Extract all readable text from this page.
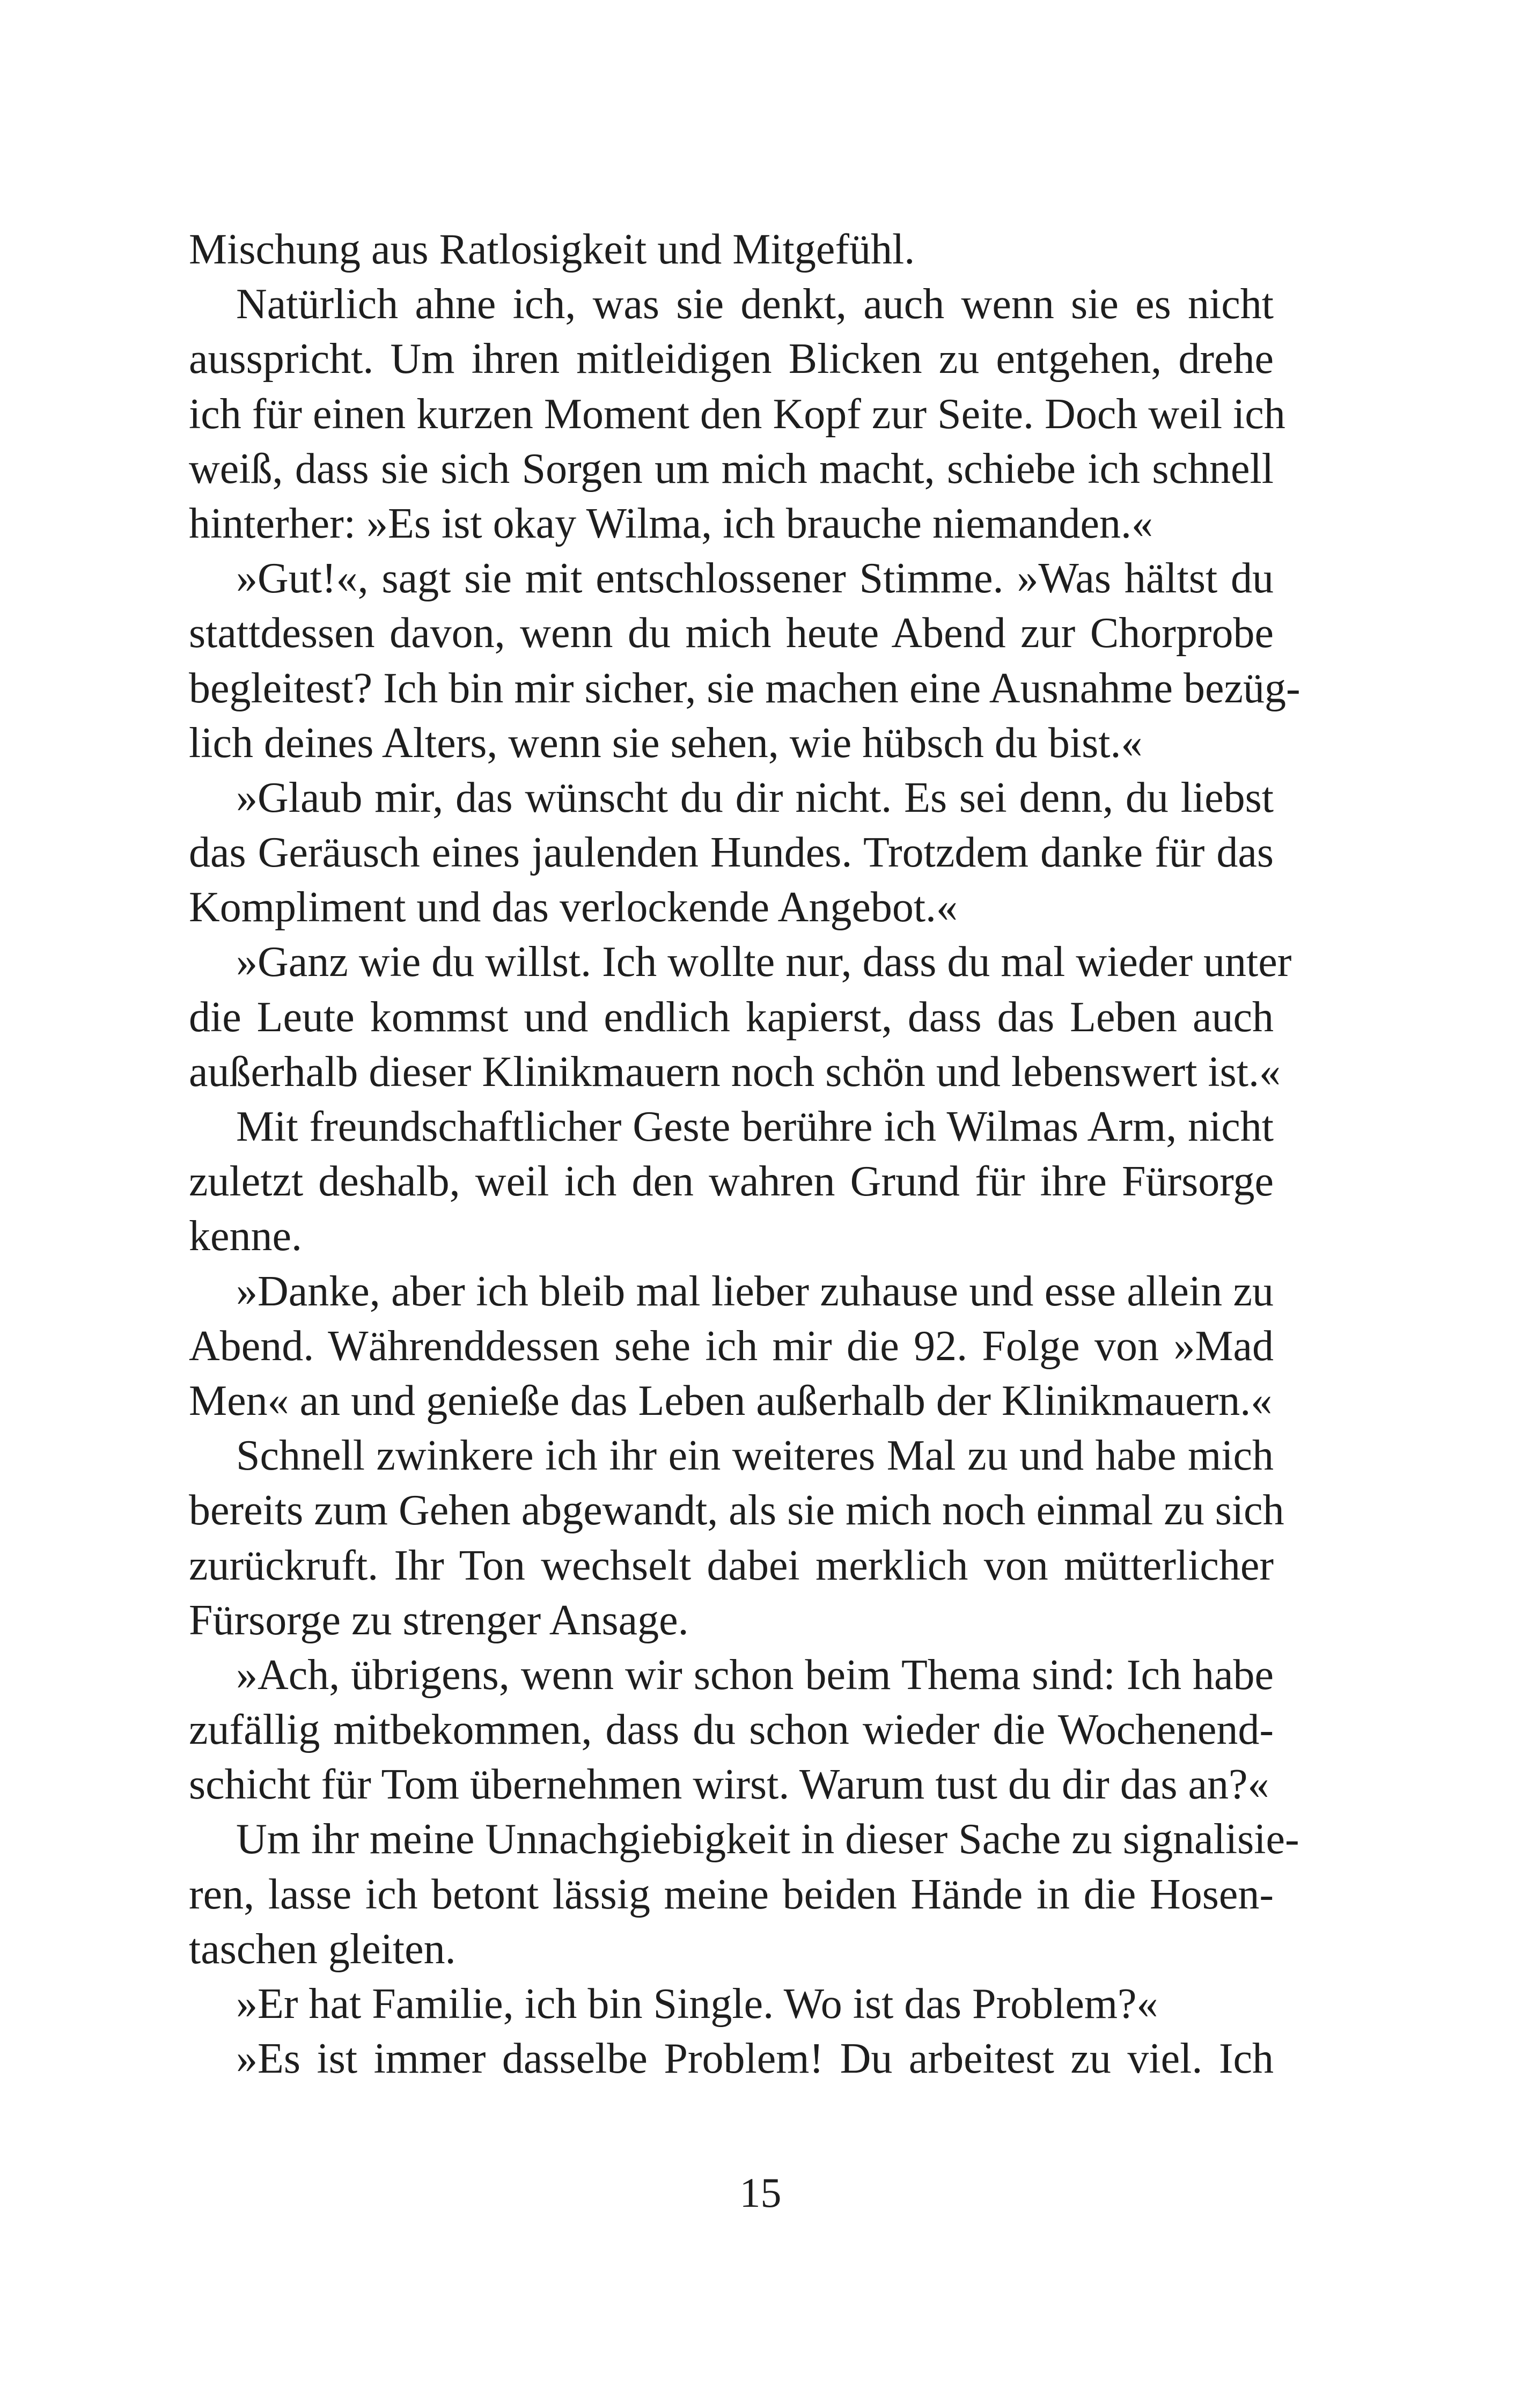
Mischung aus Ratlosigkeit und Mitgefühl.
Natürlich ahne ich, was sie denkt, auch wenn sie es nicht
ausspricht. Um ihren mitleidigen Blicken zu entgehen, drehe
ich für einen kurzen Moment den Kopf zur Seite. Doch weil ich
weiß, dass sie sich Sorgen um mich macht, schiebe ich schnell
hinterher: »Es ist okay Wilma, ich brauche niemanden.«
»Gut!«, sagt sie mit entschlossener Stimme. »Was hältst du
stattdessen davon, wenn du mich heute Abend zur Chorprobe
begleitest? Ich bin mir sicher, sie machen eine Ausnahme bezüg-
lich deines Alters, wenn sie sehen, wie hübsch du bist.«
»Glaub mir, das wünscht du dir nicht. Es sei denn, du liebst
das Geräusch eines jaulenden Hundes. Trotzdem danke für das
Kompliment und das verlockende Angebot.«
»Ganz wie du willst. Ich wollte nur, dass du mal wieder unter
die Leute kommst und endlich kapierst, dass das Leben auch
außerhalb dieser Klinikmauern noch schön und lebenswert ist.«
Mit freundschaftlicher Geste berühre ich Wilmas Arm, nicht
zuletzt deshalb, weil ich den wahren Grund für ihre Fürsorge
kenne.
»Danke, aber ich bleib mal lieber zuhause und esse allein zu
Abend. Währenddessen sehe ich mir die 92. Folge von »Mad
Men« an und genieße das Leben außerhalb der Klinikmauern.«
Schnell zwinkere ich ihr ein weiteres Mal zu und habe mich
bereits zum Gehen abgewandt, als sie mich noch einmal zu sich
zurückruft. Ihr Ton wechselt dabei merklich von mütterlicher
Fürsorge zu strenger Ansage.
»Ach, übrigens, wenn wir schon beim Thema sind: Ich habe
zufällig mitbekommen, dass du schon wieder die Wochenend-
schicht für Tom übernehmen wirst. Warum tust du dir das an?«
Um ihr meine Unnachgiebigkeit in dieser Sache zu signalisie-
ren, lasse ich betont lässig meine beiden Hände in die Hosen-
taschen gleiten.
»Er hat Familie, ich bin Single. Wo ist das Problem?«
»Es ist immer dasselbe Problem! Du arbeitest zu viel. Ich
15
